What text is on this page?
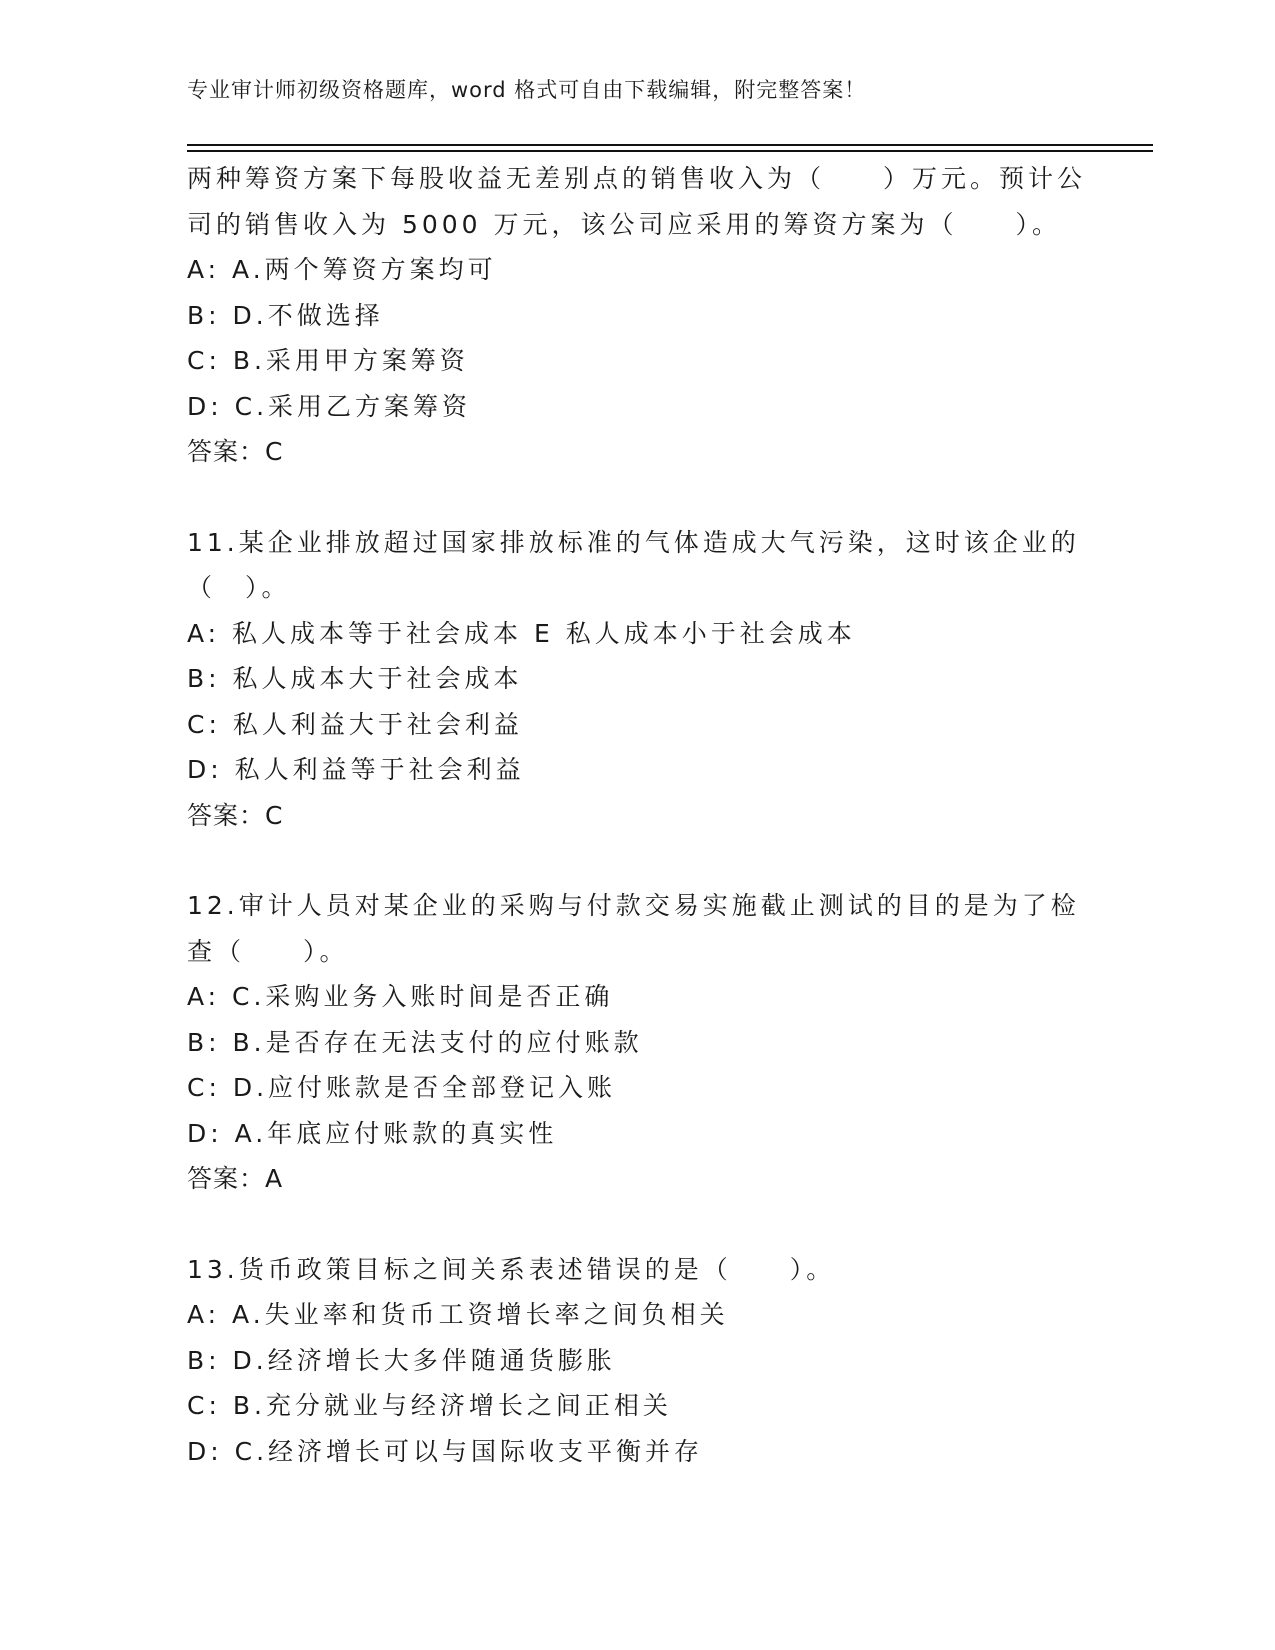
专业审计师初级资格题库，word 格式可自由下载编辑，附完整答案！
两种筹资方案下每股收益无差别点的销售收入为（　　）万元。预计公
司的销售收入为 5000 万元，该公司应采用的筹资方案为（　　）。
A: A.两个筹资方案均可
B: D.不做选择
C: B.采用甲方案筹资
D: C.采用乙方案筹资
答案：C
11.某企业排放超过国家排放标准的气体造成大气污染，这时该企业的
（　）。
A: 私人成本等于社会成本 E 私人成本小于社会成本
B: 私人成本大于社会成本
C: 私人利益大于社会利益
D: 私人利益等于社会利益
答案：C
12.审计人员对某企业的采购与付款交易实施截止测试的目的是为了检
查（　　）。
A: C.采购业务入账时间是否正确
B: B.是否存在无法支付的应付账款
C: D.应付账款是否全部登记入账
D: A.年底应付账款的真实性
答案：A
13.货币政策目标之间关系表述错误的是（　　）。
A: A.失业率和货币工资增长率之间负相关
B: D.经济增长大多伴随通货膨胀
C: B.充分就业与经济增长之间正相关
D: C.经济增长可以与国际收支平衡并存
